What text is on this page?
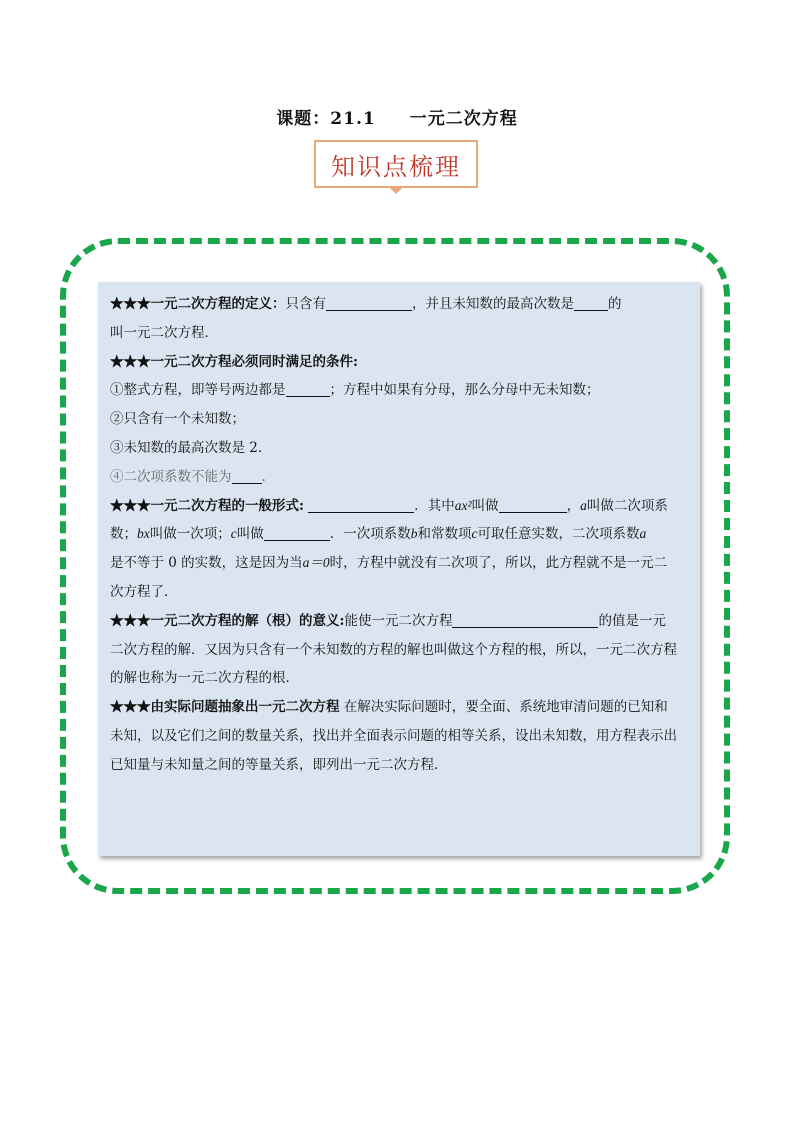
课题：21.1 一元二次方程
知识点梳理

★★★一元二次方程的定义：只含有	，并且未知数的最高次数是	的
叫一元二次方程．

★★★一元二次方程必须同时满足的条件:

①整式方程，即等号两边都是	；方程中如果有分母，那么分母中无未知数；

②只含有一个未知数；

③未知数的最高次数是 2．

④二次项系数不能为 .

★★★一元二次方程的一般形式:	．其中ax²叫做	，a叫做二次项系
数；bx叫做一次项；c叫做	．一次项系数b和常数项c可取任意实数，二次项系数a
是不等于 0 的实数，这是因为当a＝0时，方程中就没有二次项了，所以，此方程就不是一元二
次方程了．

★★★一元二次方程的解（根）的意义:能使一元二次方程	的值是一元
二次方程的解．又因为只含有一个未知数的方程的解也叫做这个方程的根，所以，一元二次方程
的解也称为一元二次方程的根．

★★★由实际问题抽象出一元二次方程 在解决实际问题时，要全面、系统地审清问题的已知和
未知，以及它们之间的数量关系，找出并全面表示问题的相等关系，设出未知数，用方程表示出
已知量与未知量之间的等量关系，即列出一元二次方程．
